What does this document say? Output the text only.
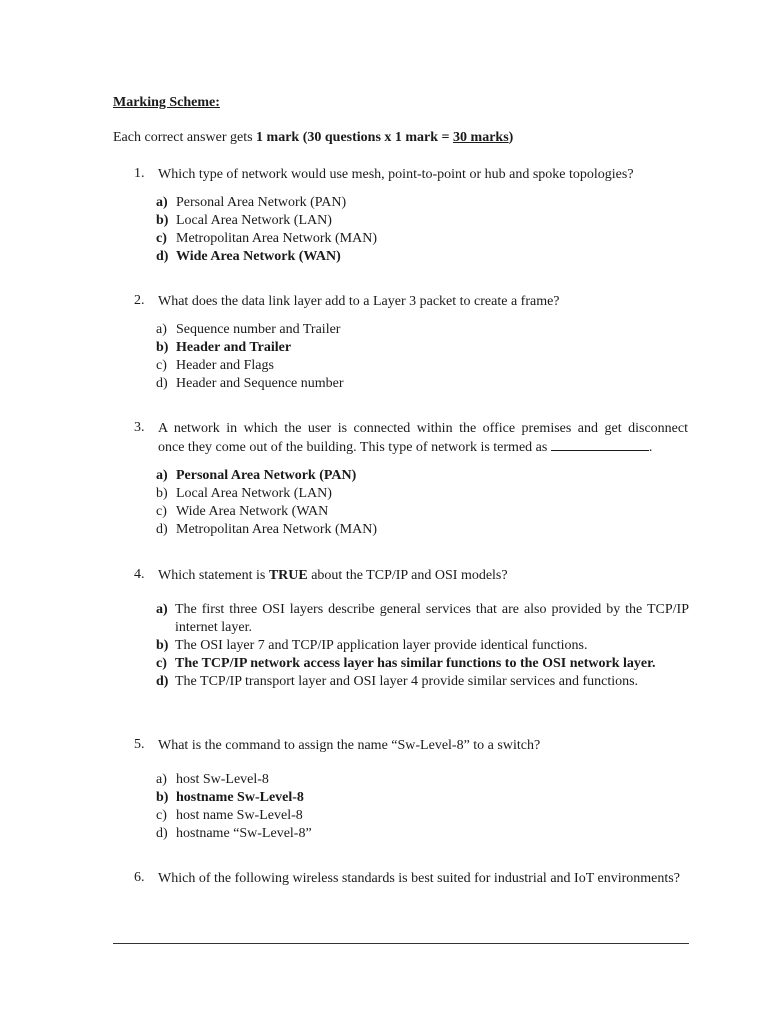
Marking Scheme:
Each correct answer gets 1 mark (30 questions x 1 mark = 30 marks)
1. Which type of network would use mesh, point-to-point or hub and spoke topologies?
a) Personal Area Network (PAN)
b) Local Area Network (LAN)
c) Metropolitan Area Network (MAN)
d) Wide Area Network (WAN)
2. What does the data link layer add to a Layer 3 packet to create a frame?
a) Sequence number and Trailer
b) Header and Trailer
c) Header and Flags
d) Header and Sequence number
3. A network in which the user is connected within the office premises and get disconnect
once they come out of the building. This type of network is termed as	.
a) Personal Area Network (PAN)
b) Local Area Network (LAN)
c) Wide Area Network (WAN
d) Metropolitan Area Network (MAN)
4. Which statement is TRUE about the TCP/IP and OSI models?
a) The first three OSI layers describe general services that are also provided by the TCP/IP internet layer.
b) The OSI layer 7 and TCP/IP application layer provide identical functions.
c) The TCP/IP network access layer has similar functions to the OSI network layer.
d) The TCP/IP transport layer and OSI layer 4 provide similar services and functions.
5. What is the command to assign the name “Sw-Level-8” to a switch?
a) host Sw-Level-8
b) hostname Sw-Level-8
c) host name Sw-Level-8
d) hostname “Sw-Level-8”
6. Which of the following wireless standards is best suited for industrial and IoT environments?
